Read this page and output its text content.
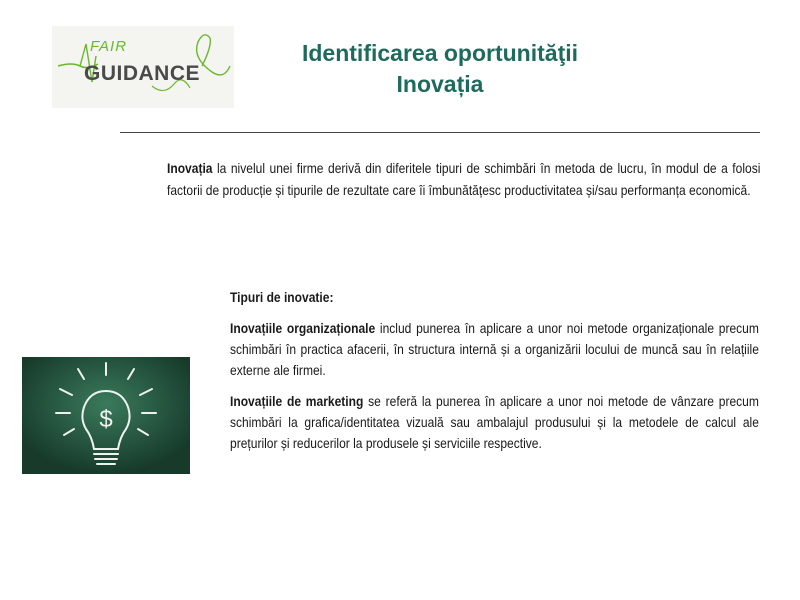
FAIR
GUIDANCE
Identificarea oportunităţii
Inovația
Inovația la nivelul unei firme derivă din diferitele tipuri de schimbări în metoda de lucru, în modul de a folosi factorii de producție și tipurile de rezultate care îi îmbunătățesc productivitatea și/sau performanța economică.
$

Tipuri de inovatie:

Inovațiile organizaționale includ punerea în aplicare a unor noi metode organizaționale precum schimbări în practica afacerii, în structura internă și a organizării locului de muncă sau în relațiile externe ale firmei.

Inovațiile de marketing se referă la punerea în aplicare a unor noi metode de vânzare precum schimbări la grafica/identitatea vizuală sau ambalajul produsului și la metodele de calcul ale prețurilor și reducerilor la produsele și serviciile respective.
